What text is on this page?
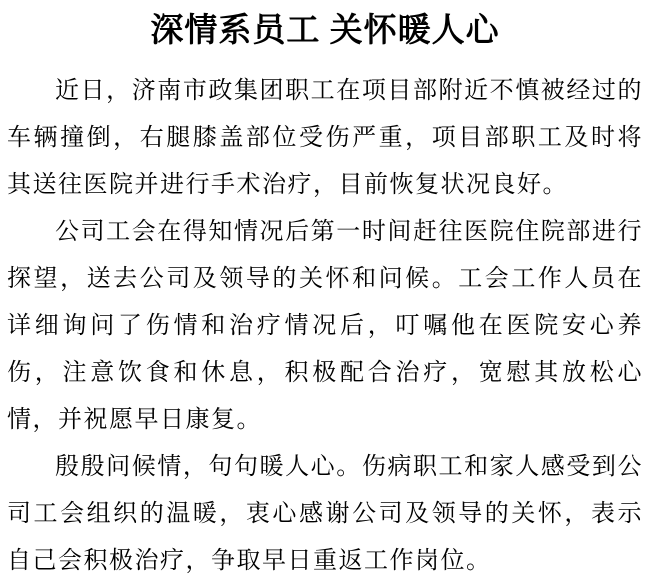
深情系员工 关怀暖人心

近日，济南市政集团职工在项目部附近不慎被经过的车辆撞倒，右腿膝盖部位受伤严重，项目部职工及时将其送往医院并进行手术治疗，目前恢复状况良好。

公司工会在得知情况后第一时间赶往医院住院部进行探望，送去公司及领导的关怀和问候。工会工作人员在详细询问了伤情和治疗情况后，叮嘱他在医院安心养伤，注意饮食和休息，积极配合治疗，宽慰其放松心情，并祝愿早日康复。

殷殷问候情，句句暖人心。伤病职工和家人感受到公司工会组织的温暖，衷心感谢公司及领导的关怀，表示自己会积极治疗，争取早日重返工作岗位。
